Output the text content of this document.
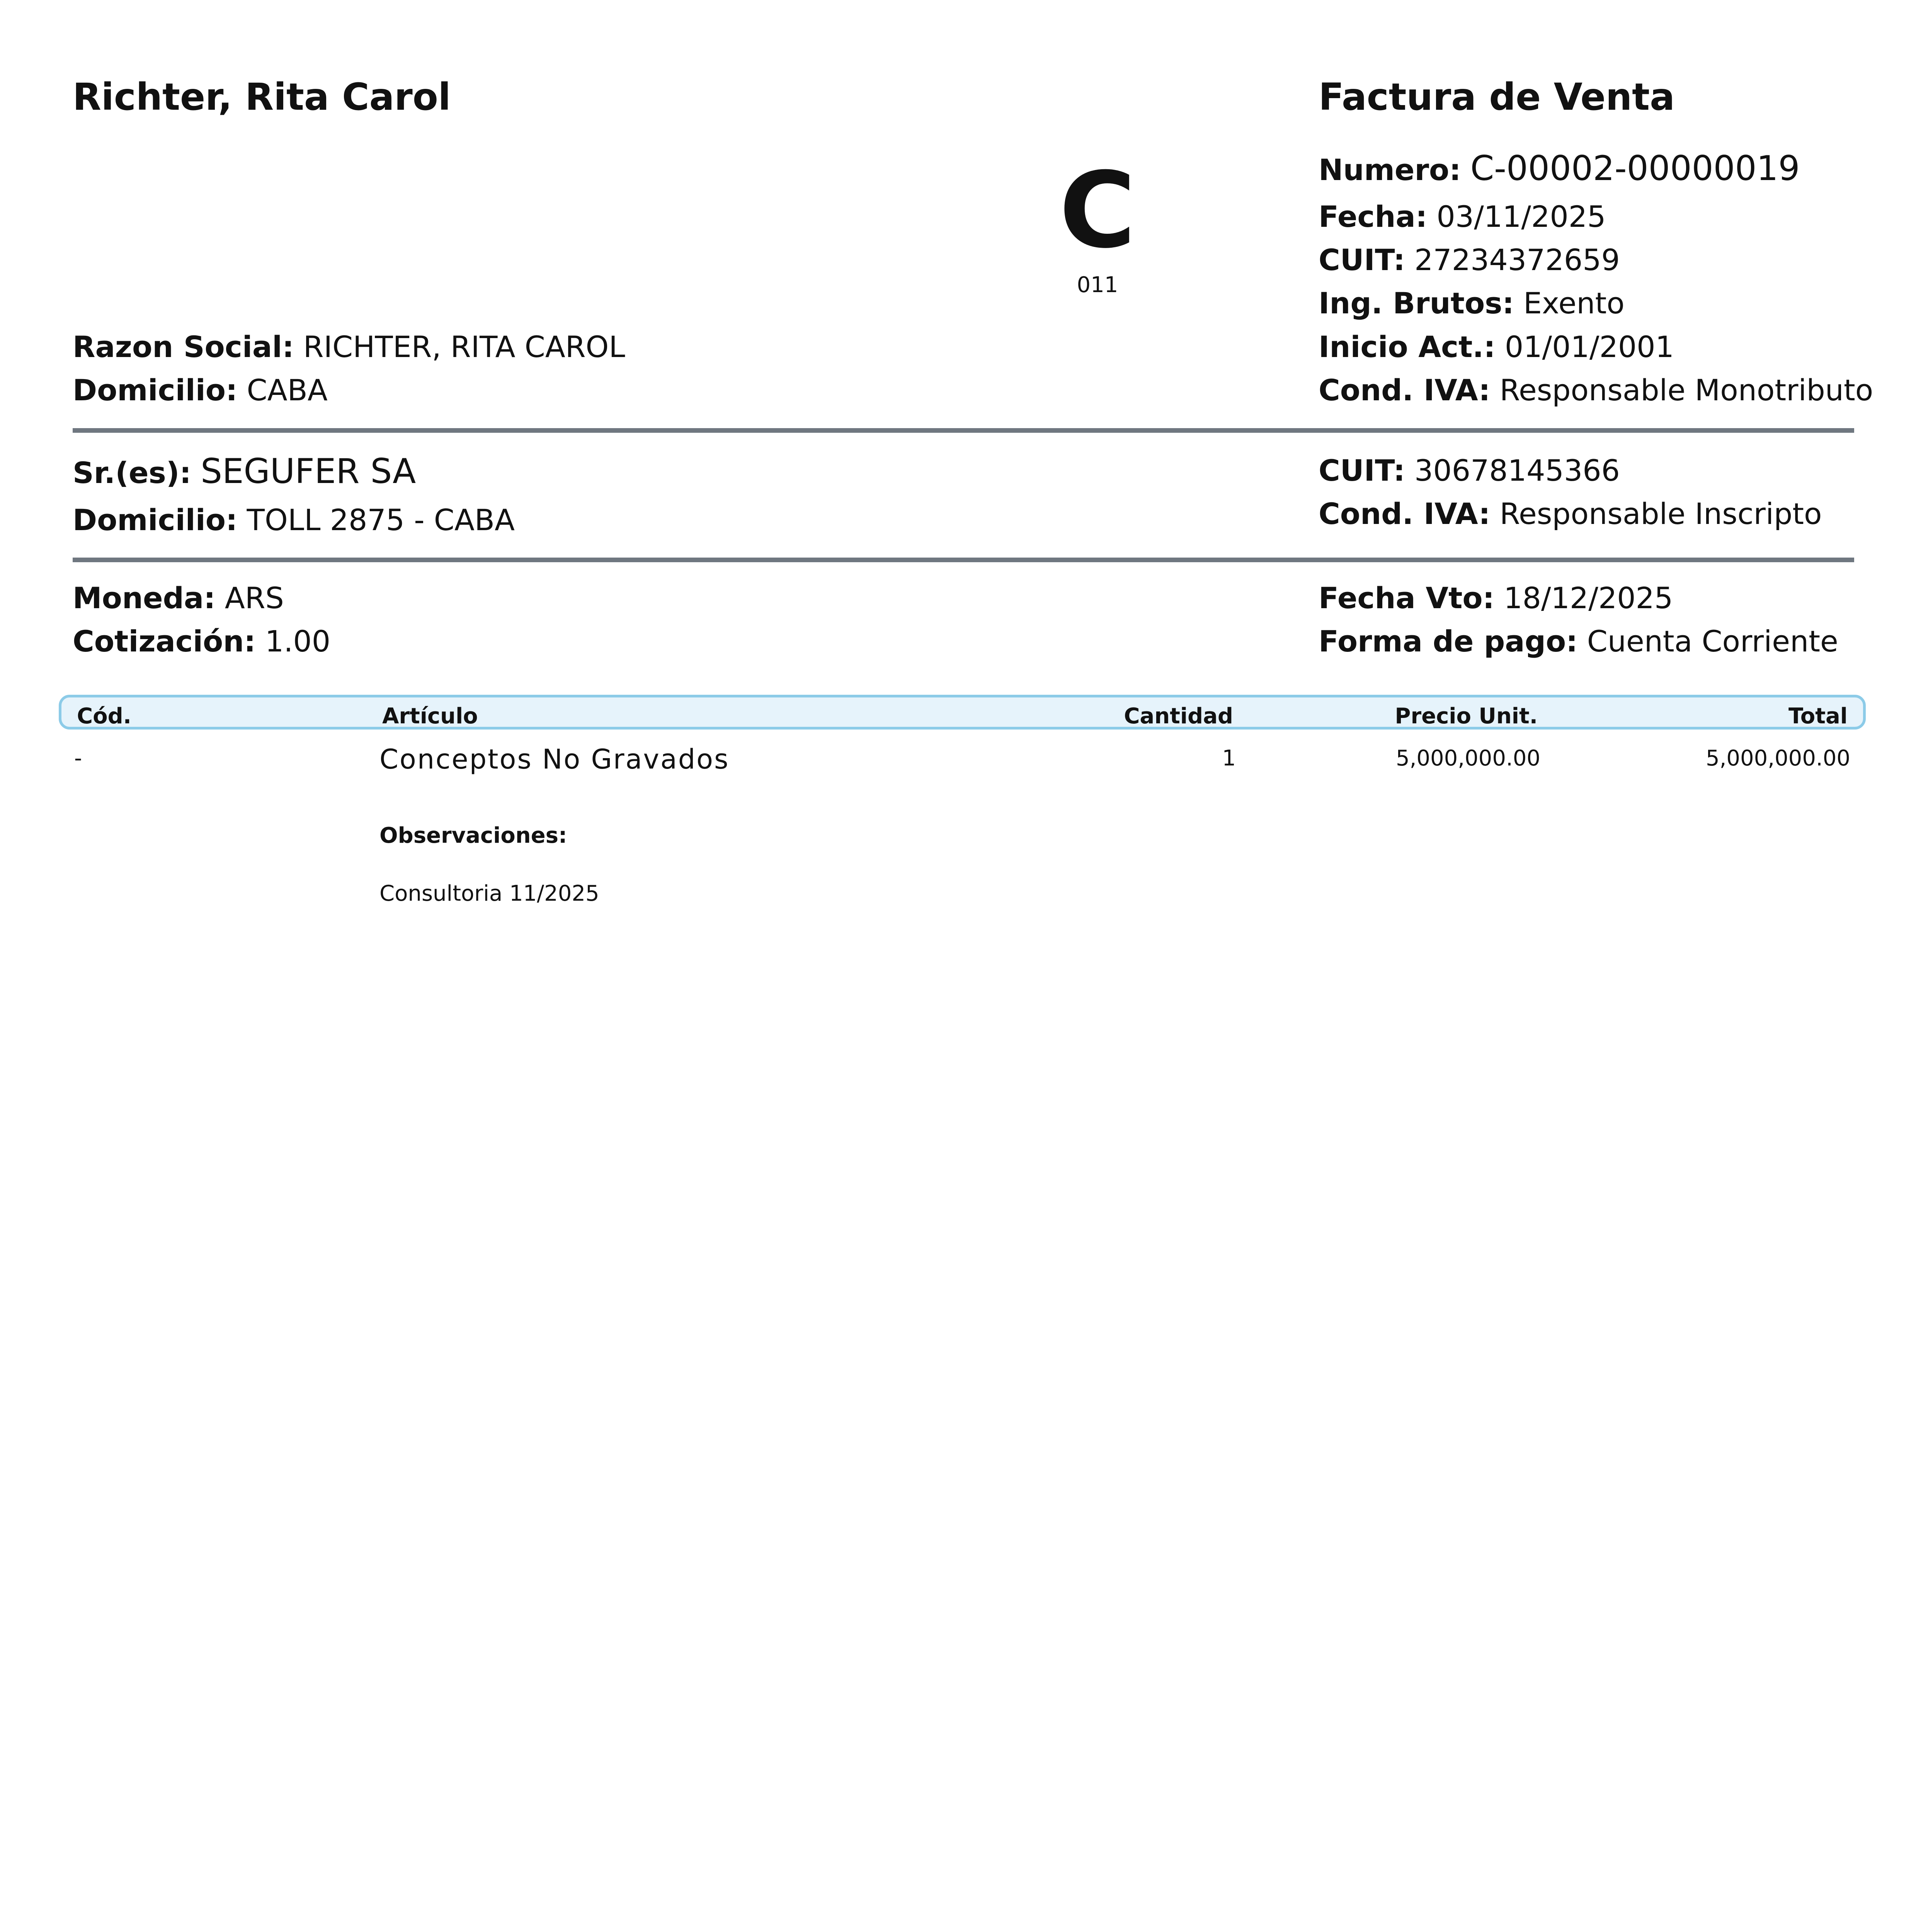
Richter, Rita Carol
Razon Social: RICHTER, RITA CAROL
Domicilio: CABA
C
011
Factura de Venta
Numero: C-00002-00000019
Fecha: 03/11/2025
CUIT: 27234372659
Ing. Brutos: Exento
Inicio Act.: 01/01/2001
Cond. IVA: Responsable Monotributo
Sr.(es): SEGUFER SA
Domicilio: TOLL 2875 - CABA
CUIT: 30678145366
Cond. IVA: Responsable Inscripto
Moneda: ARS
Cotización: 1.00
Fecha Vto: 18/12/2025
Forma de pago: Cuenta Corriente
Cód.	Artículo	Cantidad	Precio Unit.	Total
-	Conceptos No Gravados	1	5,000,000.00	5,000,000.00
Observaciones:
Consultoria 11/2025
